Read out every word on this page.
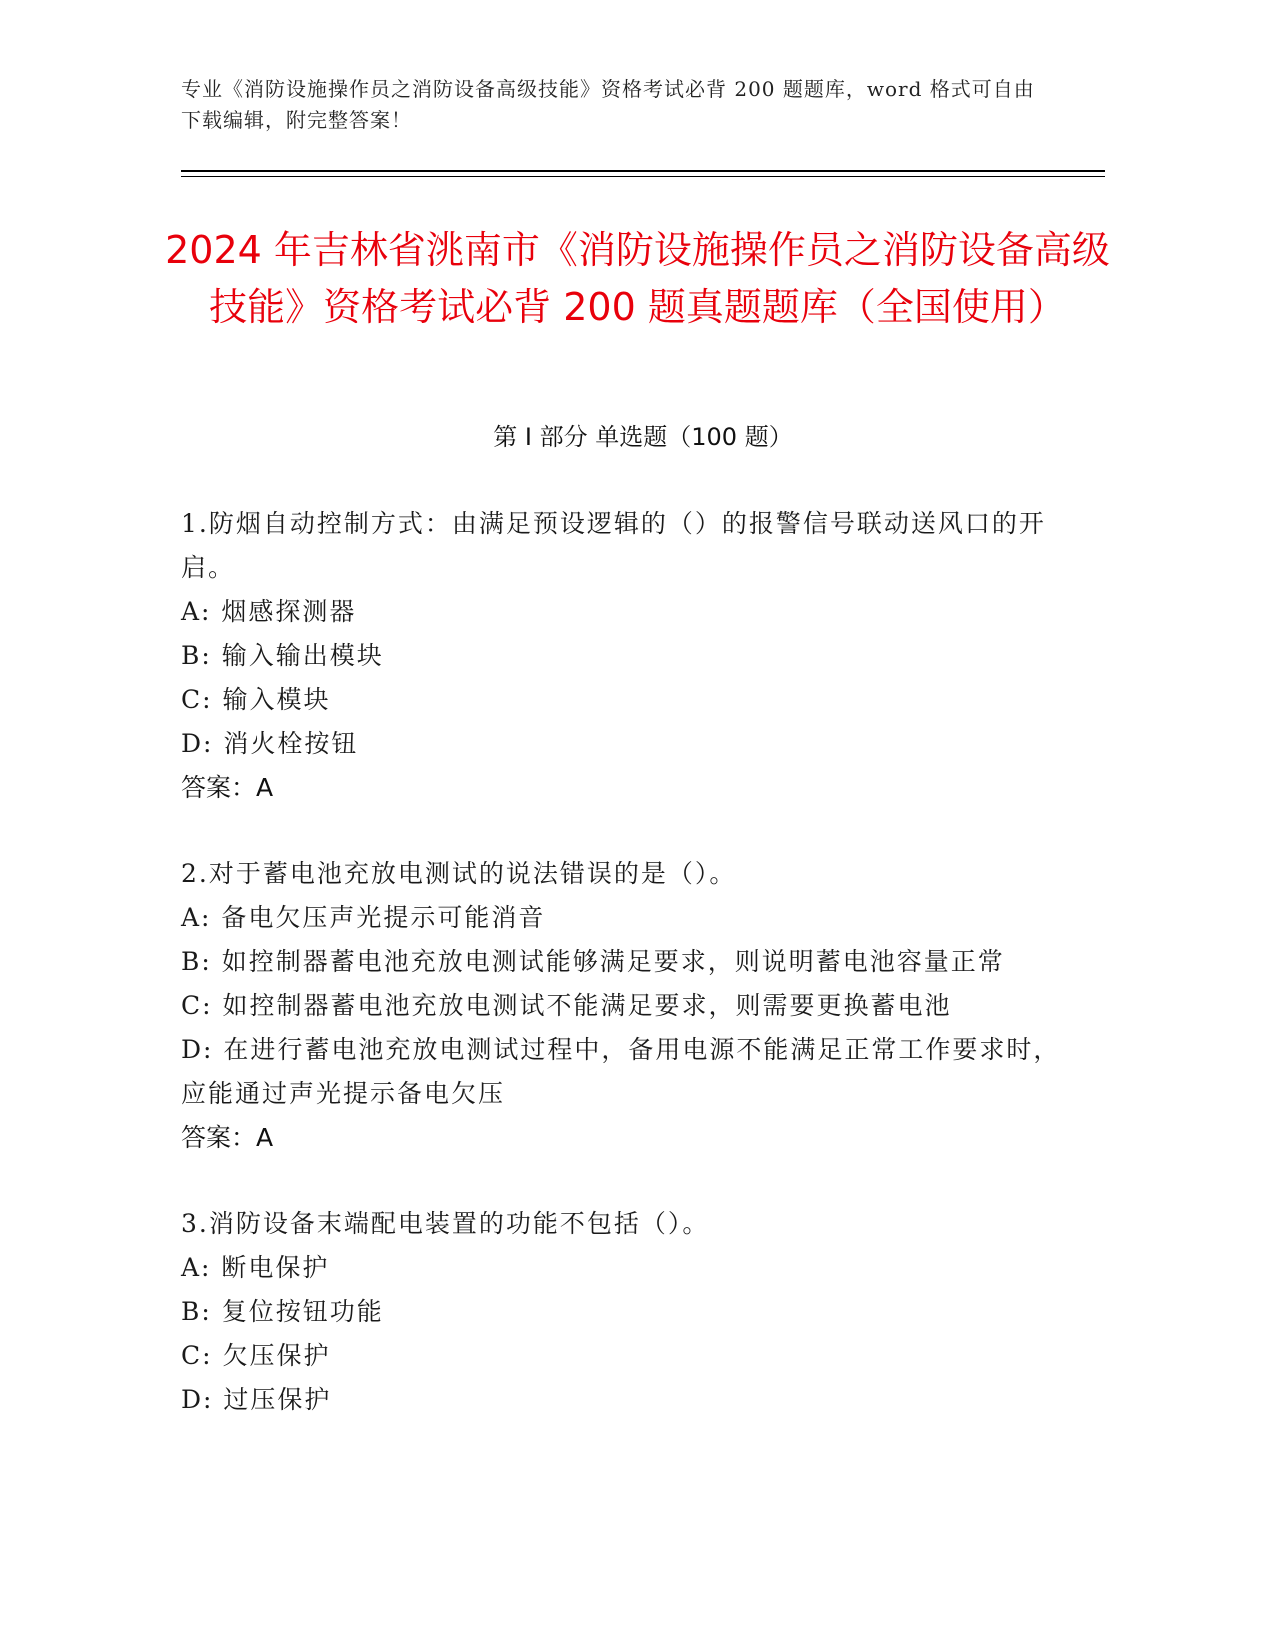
专业《消防设施操作员之消防设备高级技能》资格考试必背 200 题题库，word 格式可自由下载编辑，附完整答案！
2024 年吉林省洮南市《消防设施操作员之消防设备高级技能》资格考试必背 200 题真题题库（全国使用）
第 I 部分 单选题（100 题）

1.防烟自动控制方式：由满足预设逻辑的（）的报警信号联动送风口的开启。

A: 烟感探测器

B: 输入输出模块

C: 输入模块

D: 消火栓按钮

答案：A

2.对于蓄电池充放电测试的说法错误的是（）。

A: 备电欠压声光提示可能消音

B: 如控制器蓄电池充放电测试能够满足要求，则说明蓄电池容量正常

C: 如控制器蓄电池充放电测试不能满足要求，则需要更换蓄电池

D: 在进行蓄电池充放电测试过程中，备用电源不能满足正常工作要求时，应能通过声光提示备电欠压

答案：A

3.消防设备末端配电装置的功能不包括（）。

A: 断电保护

B: 复位按钮功能

C: 欠压保护

D: 过压保护
